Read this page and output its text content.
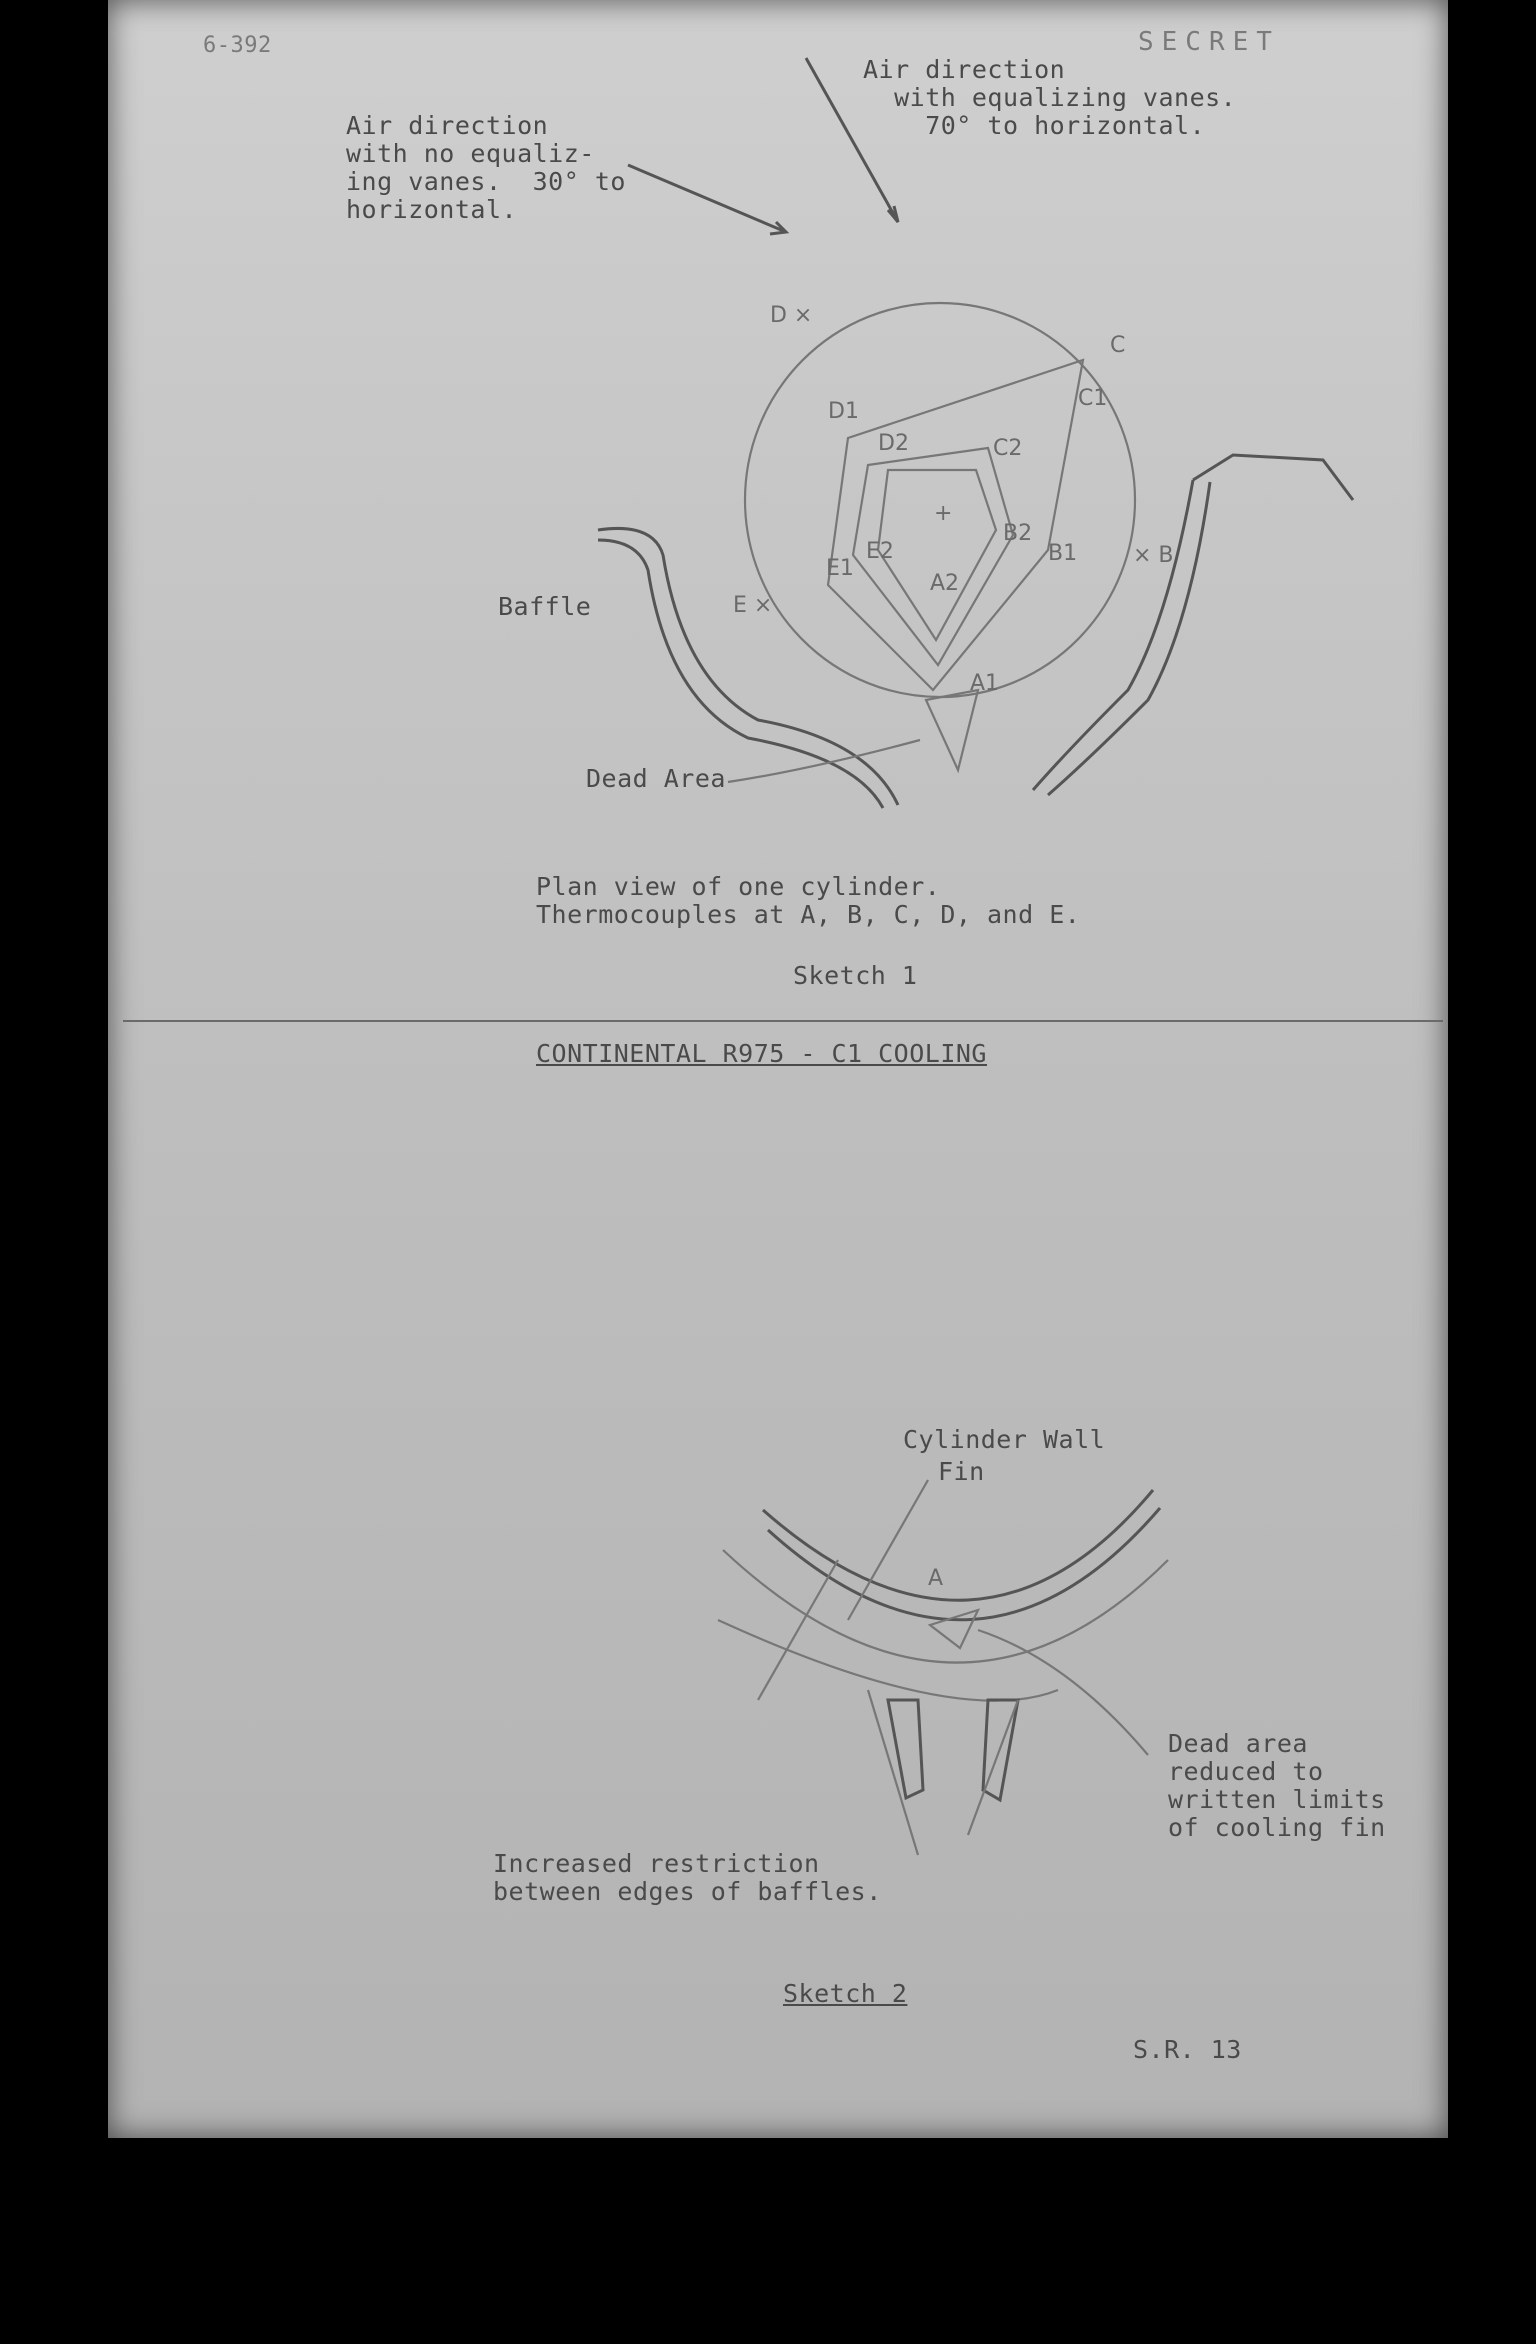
6-392	SECRET
Air direction
with no equaliz-
ing vanes.  30° to
horizontal.
Air direction
with equalizing vanes.
70° to horizontal.
Baffle
Dead Area
Plan view of one cylinder.
Thermocouples at A, B, C, D, and E.
Sketch 1
D ×
C
D1
C1
D2	C2
+
B2
B1	× B
E2
E1
E ×
A2
A1
CONTINENTAL R975 - C1 COOLING
Cylinder Wall
Fin
Dead area
reduced to
written limits
of cooling fin
Increased restriction
between edges of baffles.
Sketch 2
S.R. 13
A
